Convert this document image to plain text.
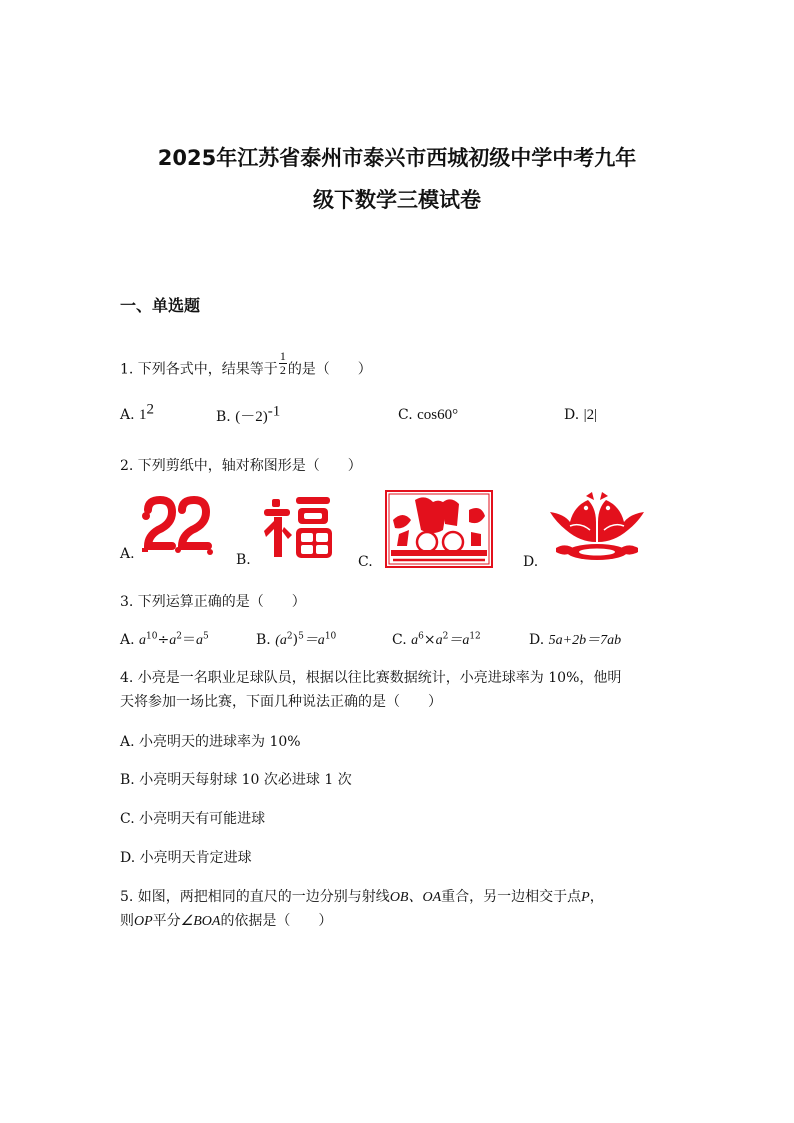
2025年江苏省泰州市泰兴市西城初级中学中考九年
级下数学三模试卷
一、单选题
1. 下列各式中，结果等于 $\frac{1}{2}$ 的是（　　）
A. $1^2$	B. $(-2)^{-1}$	C. cos60°	D. |2|
2. 下列剪纸中，轴对称图形是（　　）
A.	B.	C.	D.
3. 下列运算正确的是（　　）
A. $a^{10}\div a^2=a^5$	B. $(a^2)^5=a^{10}$	C. $a^6\times a^2=a^{12}$	D. 5a+2b＝7ab
4. 小亮是一名职业足球队员，根据以往比赛数据统计，小亮进球率为 10%，他明
天将参加一场比赛，下面几种说法正确的是（　　）
A. 小亮明天的进球率为 10%
B. 小亮明天每射球 10 次必进球 1 次
C. 小亮明天有可能进球
D. 小亮明天肯定进球
5. 如图，两把相同的直尺的一边分别与射线OB、OA重合，另一边相交于点P，
则OP平分∠BOA的依据是（　　）
